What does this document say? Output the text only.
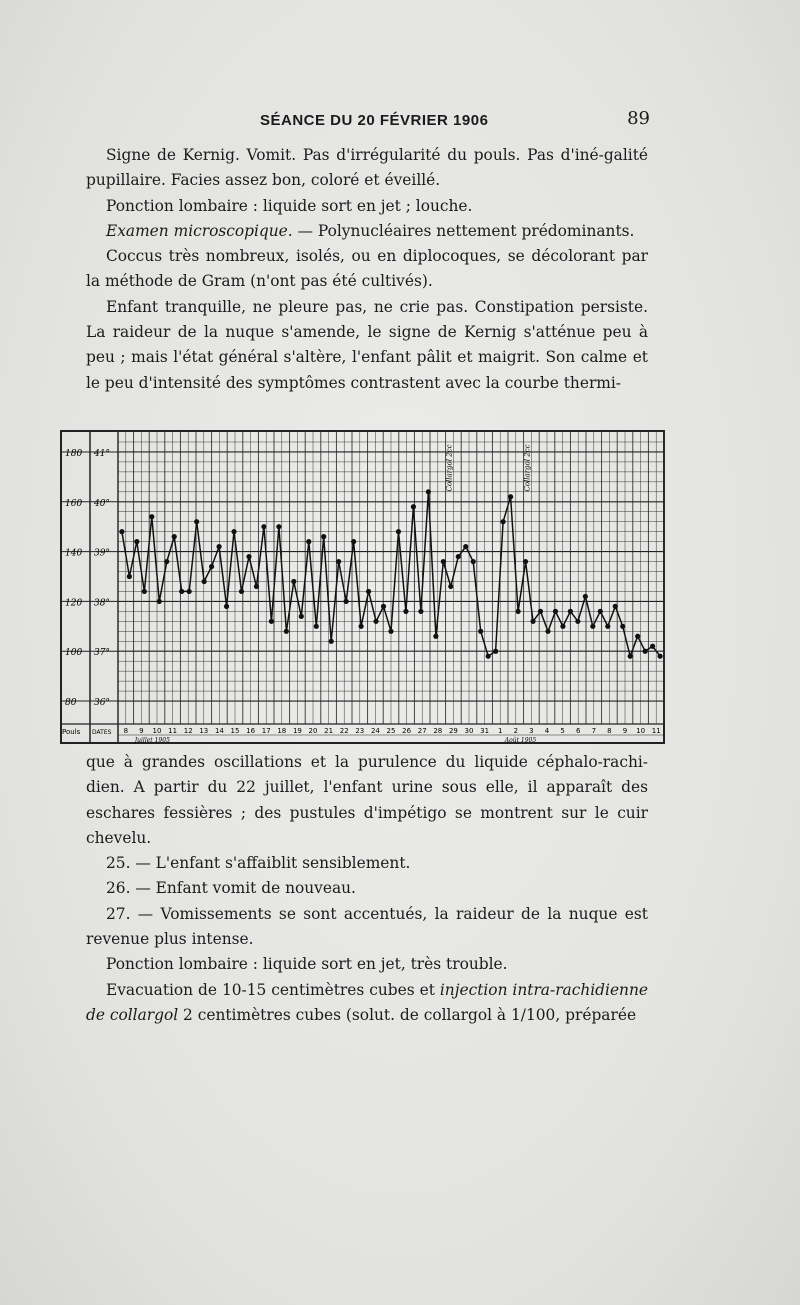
SÉANCE DU 20 FÉVRIER 1906	89

Signe de Kernig. Vomit. Pas d'irrégularité du pouls. Pas d'iné-galité pupillaire. Facies assez bon, coloré et éveillé.

Ponction lombaire : liquide sort en jet ; louche.

Examen microscopique. — Polynucléaires nettement prédominants.

Coccus très nombreux, isolés, ou en diplocoques, se décolorant par la méthode de Gram (n'ont pas été cultivés).

Enfant tranquille, ne pleure pas, ne crie pas. Constipation persiste. La raideur de la nuque s'amende, le signe de Kernig s'atténue peu à peu ; mais l'état général s'altère, l'enfant pâlit et maigrit. Son calme et le peu d'intensité des symptômes contrastent avec la courbe thermi-

41°
180
40°
160
39°
140
38°
120
37°
100
36°
80
Pouls DATES 8 9 10 11 12 13 14 15 16 17 18 19 20 21 22 23 24 25 26 27 28 29 30 31 1 2 3 4 5 6 7 8 9 10 11
Juillet 1905	Août 1905
Collargol 2cc	Collargol 2cc

que à grandes oscillations et la purulence du liquide céphalo-rachi-dien. A partir du 22 juillet, l'enfant urine sous elle, il apparaît des eschares fessières ; des pustules d'impétigo se montrent sur le cuir chevelu.

25. — L'enfant s'affaiblit sensiblement.

26. — Enfant vomit de nouveau.

27. — Vomissements se sont accentués, la raideur de la nuque est revenue plus intense.

Ponction lombaire : liquide sort en jet, très trouble.

Evacuation de 10-15 centimètres cubes et injection intra-rachidienne de collargol 2 centimètres cubes (solut. de collargol à 1/100, préparée
